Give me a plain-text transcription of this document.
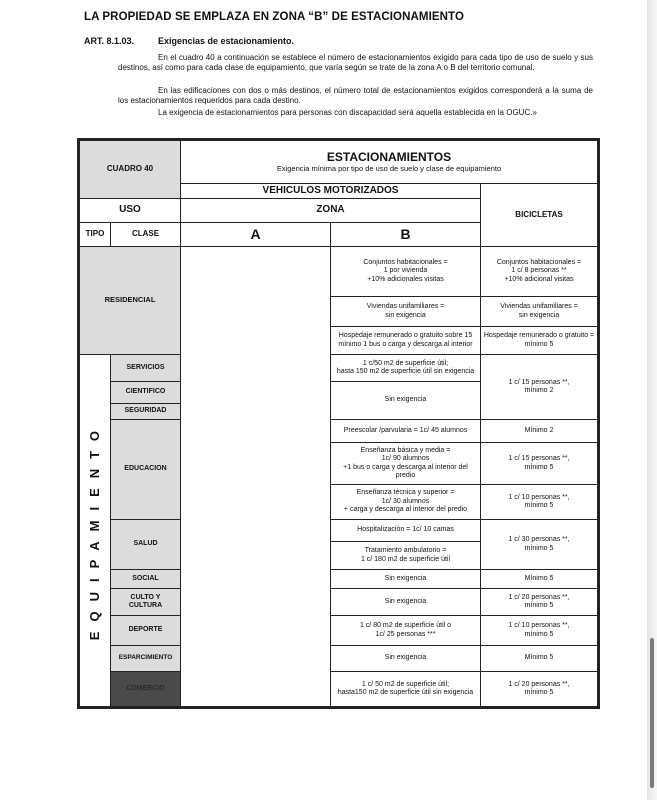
LA PROPIEDAD SE EMPLAZA EN ZONA “B” DE ESTACIONAMIENTO
ART. 8.1.03.	Exigencias de estacionamiento.
En el cuadro 40 a continuación se establece el número de estacionamientos exigido para cada tipo de uso de suelo y sus destinos, así como para cada clase de equipamiento, que varía según se trate de la zona A o B del territorio comunal.
En las edificaciones con dos o más destinos, el número total de estacionamientos exigidos corresponderá a la suma de los estacionamientos requeridos para cada destino.
La exigencia de estacionamientos para personas con discapacidad será aquella establecida en la OGUC.»
CUADRO 40		ESTACIONAMIENTOS
Exigencia mínima por tipo de uso de suelo y clase de equipamiento		

		VEHICULOS MOTORIZADOS		BICICLETAS
USO		ZONA		
TIPO	CLASE	A	B	
RESIDENCIAL			Conjuntos habitacionales =
1 por vivienda
+10% adicionales visitas	Conjuntos habitacionales =
1 c/ 8 personas **
+10% adicional visitas
			Viviendas unifamiliares =
sin exigencia	Viviendas unifamiliares =
sin exigencia
			Hospedaje remunerado o gratuito sobre 15
mínimo 1 bus o carga y descarga al interior	Hospedaje remunerado o gratuito =
mínimo 5

EQUIPAMIENTO	SERVICIOS		1 c/50 m2 de superficie útil;
hasta 150 m2 de superficie útil sin exigencia	1 c/ 15 personas **,
mínimo 2
	CIENTIFICO		Sin exigencia	
	SEGURIDAD			
	EDUCACION		Preescolar /parvularia = 1c/ 45 alumnos	Mínimo 2
			Enseñanza básica y media =
1c/ 90 alumnos
+1 bus o carga y descarga al interior del
predio	1 c/ 15 personas **,
mínimo 5
			Enseñanza técnica y superior =
1c/ 30 alumnos
+ carga y descarga al interior del predio	1 c/ 10 personas **,
mínimo 5
	SALUD		Hospitalización = 1c/ 10 camas	1 c/ 30 personas **,
mínimo 5
			Tratamiento ambulatorio =
1 c/ 180 m2 de superficie útil	
	SOCIAL		Sin exigencia	Mínimo 5
	CULTO Y
CULTURA		Sin exigencia	1 c/ 20 personas **,
mínimo 5
	DEPORTE		1 c/ 80 m2 de superficie útil o
1c/ 25 personas ***	1 c/ 10 personas **,
mínimo 5
	ESPARCIMIENTO		Sin exigencia	Mínimo 5
	COMERCIO		1 c/ 50 m2 de superficie útil;
hasta150 m2 de superficie útil sin exigencia	1 c/ 20 personas **,
mínimo 5
